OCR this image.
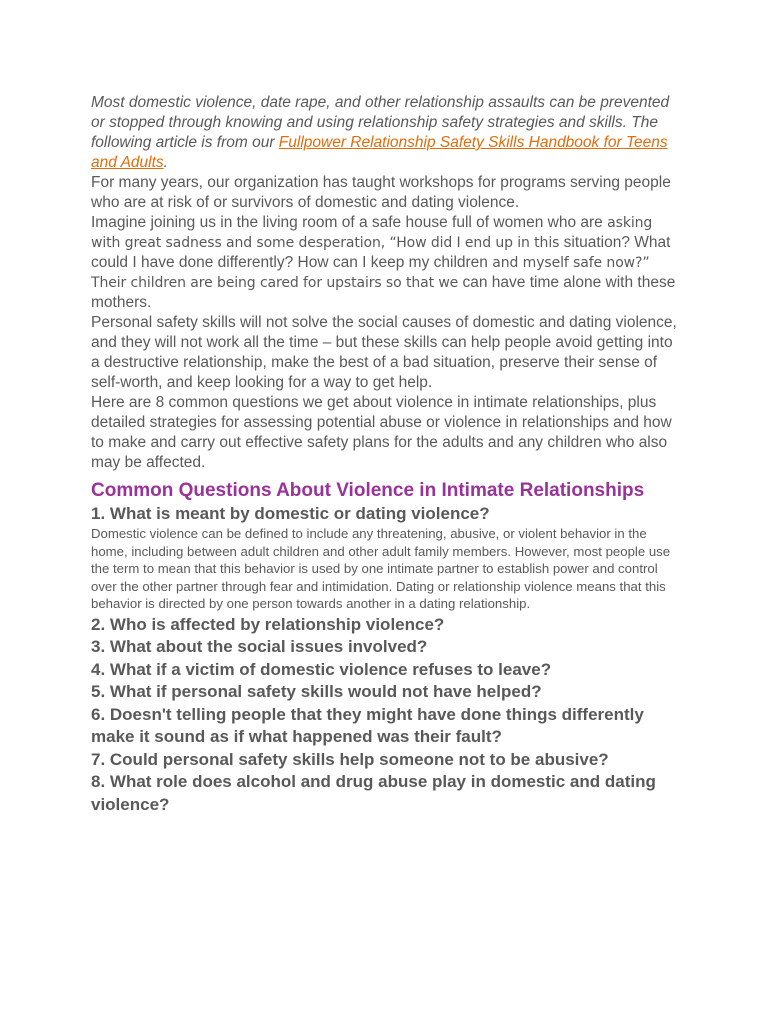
Most domestic violence, date rape, and other relationship assaults can be prevented or stopped through knowing and using relationship safety strategies and skills. The following article is from our Fullpower Relationship Safety Skills Handbook for Teens and Adults.

For many years, our organization has taught workshops for programs serving people who are at risk of or survivors of domestic and dating violence.

Imagine joining us in the living room of a safe house full of women who are asking with great sadness and some desperation, “How did I end up in this situation? What could I have done differently? How can I keep my children and myself safe now?” Their children are being cared for upstairs so that we can have time alone with these mothers.

Personal safety skills will not solve the social causes of domestic and dating violence, and they will not work all the time – but these skills can help people avoid getting into a destructive relationship, make the best of a bad situation, preserve their sense of self-worth, and keep looking for a way to get help.

Here are 8 common questions we get about violence in intimate relationships, plus detailed strategies for assessing potential abuse or violence in relationships and how to make and carry out effective safety plans for the adults and any children who also may be affected.

Common Questions About Violence in Intimate Relationships

1. What is meant by domestic or dating violence?

Domestic violence can be defined to include any threatening, abusive, or violent behavior in the home, including between adult children and other adult family members. However, most people use the term to mean that this behavior is used by one intimate partner to establish power and control over the other partner through fear and intimidation. Dating or relationship violence means that this behavior is directed by one person towards another in a dating relationship.

2. Who is affected by relationship violence?

3. What about the social issues involved?

4. What if a victim of domestic violence refuses to leave?

5. What if personal safety skills would not have helped?

6. Doesn't telling people that they might have done things differently make it sound as if what happened was their fault?

7. Could personal safety skills help someone not to be abusive?

8. What role does alcohol and drug abuse play in domestic and dating violence?
